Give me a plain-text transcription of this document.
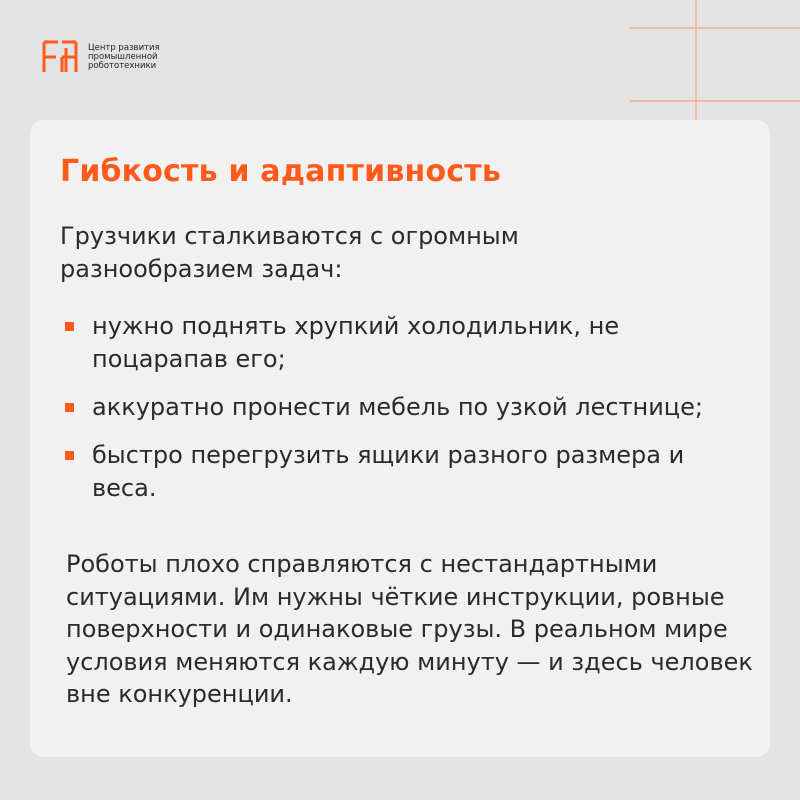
Центр развития
промышленной
робототехники
Гибкость и адаптивность

Грузчики сталкиваются с огромным разнообразием задач:

нужно поднять хрупкий холодильник, не поцарапав его;
аккуратно пронести мебель по узкой лестнице;
быстро перегрузить ящики разного размера и веса.

Роботы плохо справляются с нестандартными ситуациями. Им нужны чёткие инструкции, ровные поверхности и одинаковые грузы. В реальном мире условия меняются каждую минуту — и здесь человек вне конкуренции.
